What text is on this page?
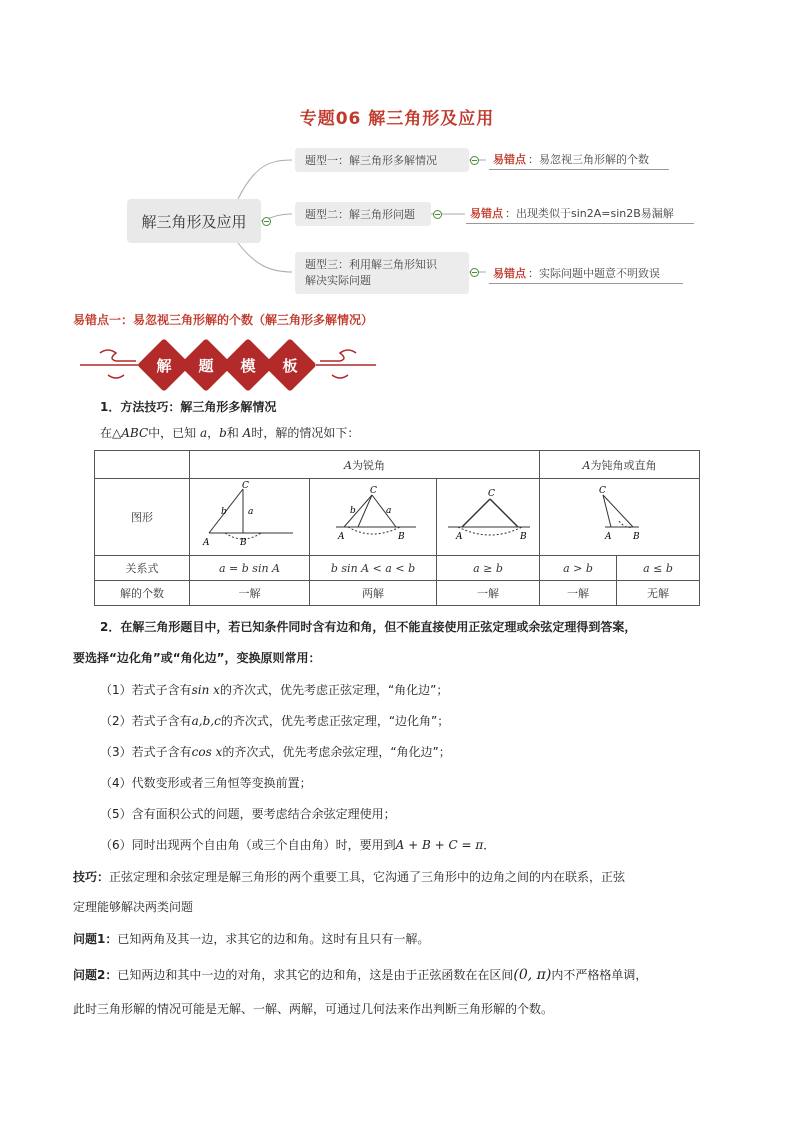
专题06 解三角形及应用
解三角形及应用
题型一：解三角形多解情况	易错点 ：易忽视三角形解的个数
题型二：解三角形问题	易错点 ：出现类似于sin2A=sin2B易漏解
题型三：利用解三角形知识
解决实际问题
易错点 ：实际问题中题意不明致误
易错点一：易忽视三角形解的个数（解三角形多解情况）
解	题	模	板
1．方法技巧：解三角形多解情况
在△ABC中，已知 a，b和 A时，解的情况如下：
	A为锐角			A为钝角或直角	
图形	C
b a
A B	C
b a
A B	C
A B	C
A B	

关系式	a = b sin A	b sin A < a < b	a ≥ b	a > b	a ≤ b
解的个数	一解	两解	一解	一解	无解
2．在解三角形题目中，若已知条件同时含有边和角，但不能直接使用正弦定理或余弦定理得到答案，
要选择“边化角”或“角化边”，变换原则常用：
（1）若式子含有sin x的齐次式，优先考虑正弦定理，“角化边”；
（2）若式子含有a,b,c的齐次式，优先考虑正弦定理，“边化角”；
（3）若式子含有cos x的齐次式，优先考虑余弦定理，“角化边”；
（4）代数变形或者三角恒等变换前置；
（5）含有面积公式的问题，要考虑结合余弦定理使用；
（6）同时出现两个自由角（或三个自由角）时，要用到A + B + C = π．
技巧：正弦定理和余弦定理是解三角形的两个重要工具，它沟通了三角形中的边角之间的内在联系，正弦
定理能够解决两类问题
问题1：已知两角及其一边，求其它的边和角。这时有且只有一解。
问题2：已知两边和其中一边的对角，求其它的边和角，这是由于正弦函数在在区间(0, π)内不严格格单调，
此时三角形解的情况可能是无解、一解、两解，可通过几何法来作出判断三角形解的个数。
